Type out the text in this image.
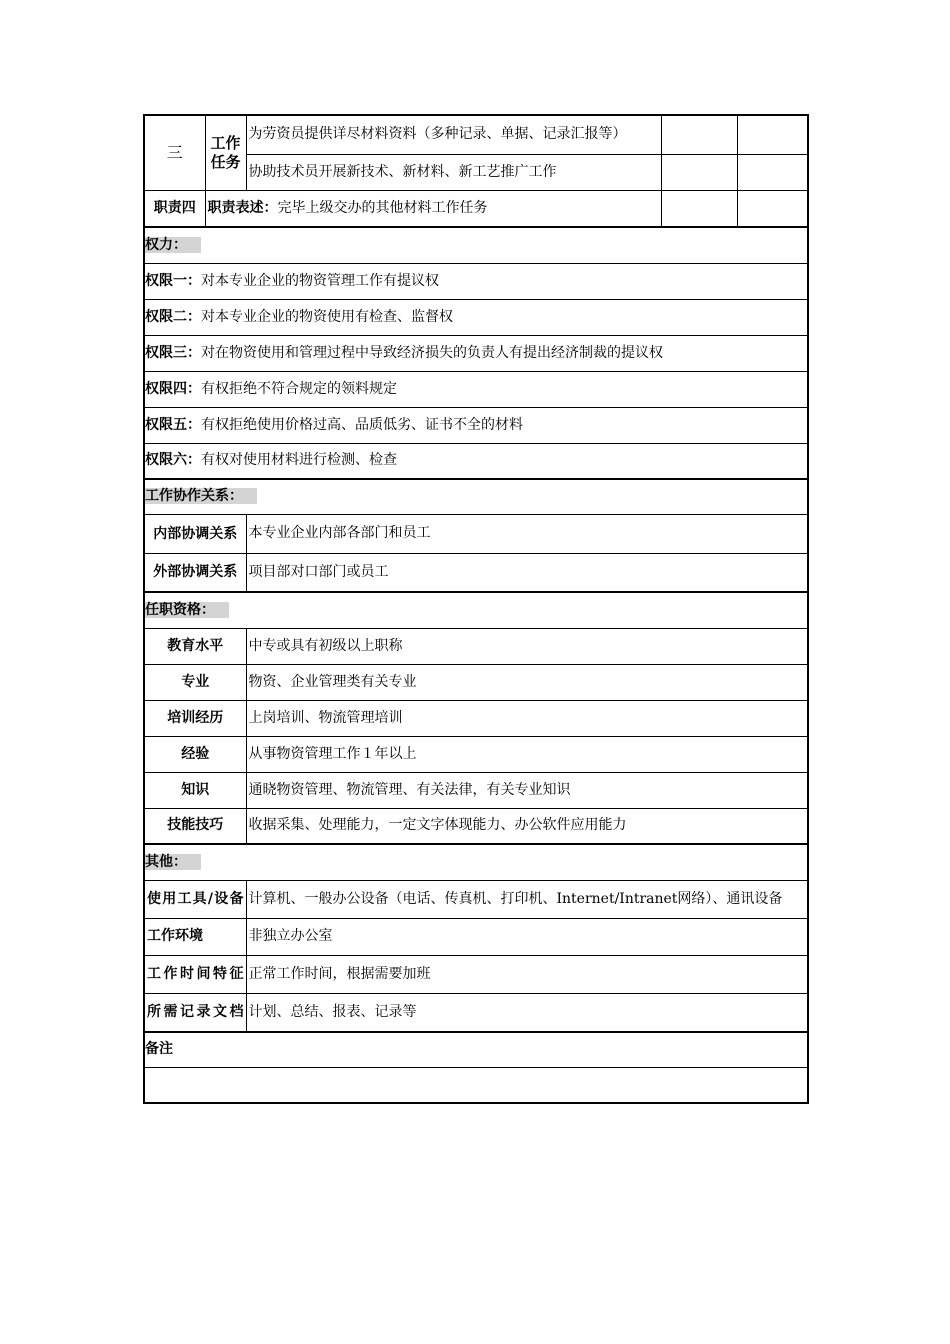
三	工作任务	为劳资员提供详尽材料资料（多种记录、单据、记录汇报等）		
		协助技术员开展新技术、新材料、新工艺推广工作		
职责四	职责表述：完毕上级交办的其他材料工作任务			
权力：				
权限一：对本专业企业的物资管理工作有提议权				
权限二：对本专业企业的物资使用有检查、监督权				
权限三：对在物资使用和管理过程中导致经济损失的负责人有提出经济制裁的提议权				
权限四：有权拒绝不符合规定的领料规定				
权限五：有权拒绝使用价格过高、品质低劣、证书不全的材料				
权限六：有权对使用材料进行检测、检查				
工作协作关系：				
内部协调关系		本专业企业内部各部门和员工		
外部协调关系		项目部对口部门或员工		
任职资格：				
教育水平		中专或具有初级以上职称		
专业		物资、企业管理类有关专业		
培训经历		上岗培训、物流管理培训		
经验		从事物资管理工作１年以上		
知识		通晓物资管理、物流管理、有关法律，有关专业知识		
技能技巧		收据采集、处理能力，一定文字体现能力、办公软件应用能力		
其他：				

使用工具/设备		计算机、一般办公设备（电话、传真机、打印机、Internet/Intranet网络）、通讯设备		
工作环境		非独立办公室		

工作时间特征		正常工作时间，根据需要加班		

所需记录文档		计划、总结、报表、记录等		
备注				
